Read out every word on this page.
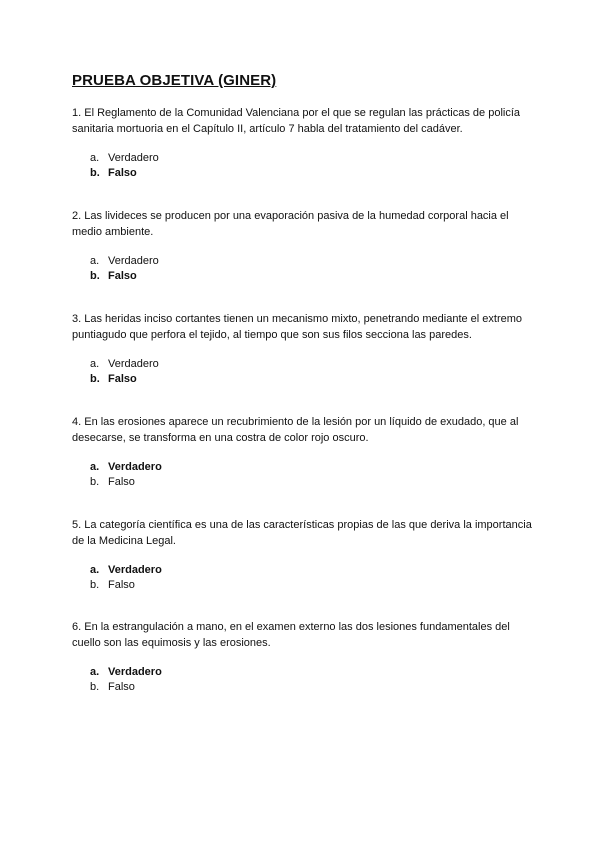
PRUEBA OBJETIVA (GINER)

1. El Reglamento de la Comunidad Valenciana por el que se regulan las prácticas de policía sanitaria mortuoria en el Capítulo II, artículo 7 habla del tratamiento del cadáver.

a. Verdadero
b. Falso

2. Las livideces se producen por una evaporación pasiva de la humedad corporal hacia el medio ambiente.

a. Verdadero
b. Falso

3. Las heridas inciso cortantes tienen un mecanismo mixto, penetrando mediante el extremo puntiagudo que perfora el tejido, al tiempo que son sus filos secciona las paredes.

a. Verdadero
b. Falso

4. En las erosiones aparece un recubrimiento de la lesión por un líquido de exudado, que al desecarse, se transforma en una costra de color rojo oscuro.

a. Verdadero
b. Falso

5. La categoría científica es una de las características propias de las que deriva la importancia de la Medicina Legal.

a. Verdadero
b. Falso

6. En la estrangulación a mano, en el examen externo las dos lesiones fundamentales del cuello son las equimosis y las erosiones.

a. Verdadero
b. Falso
